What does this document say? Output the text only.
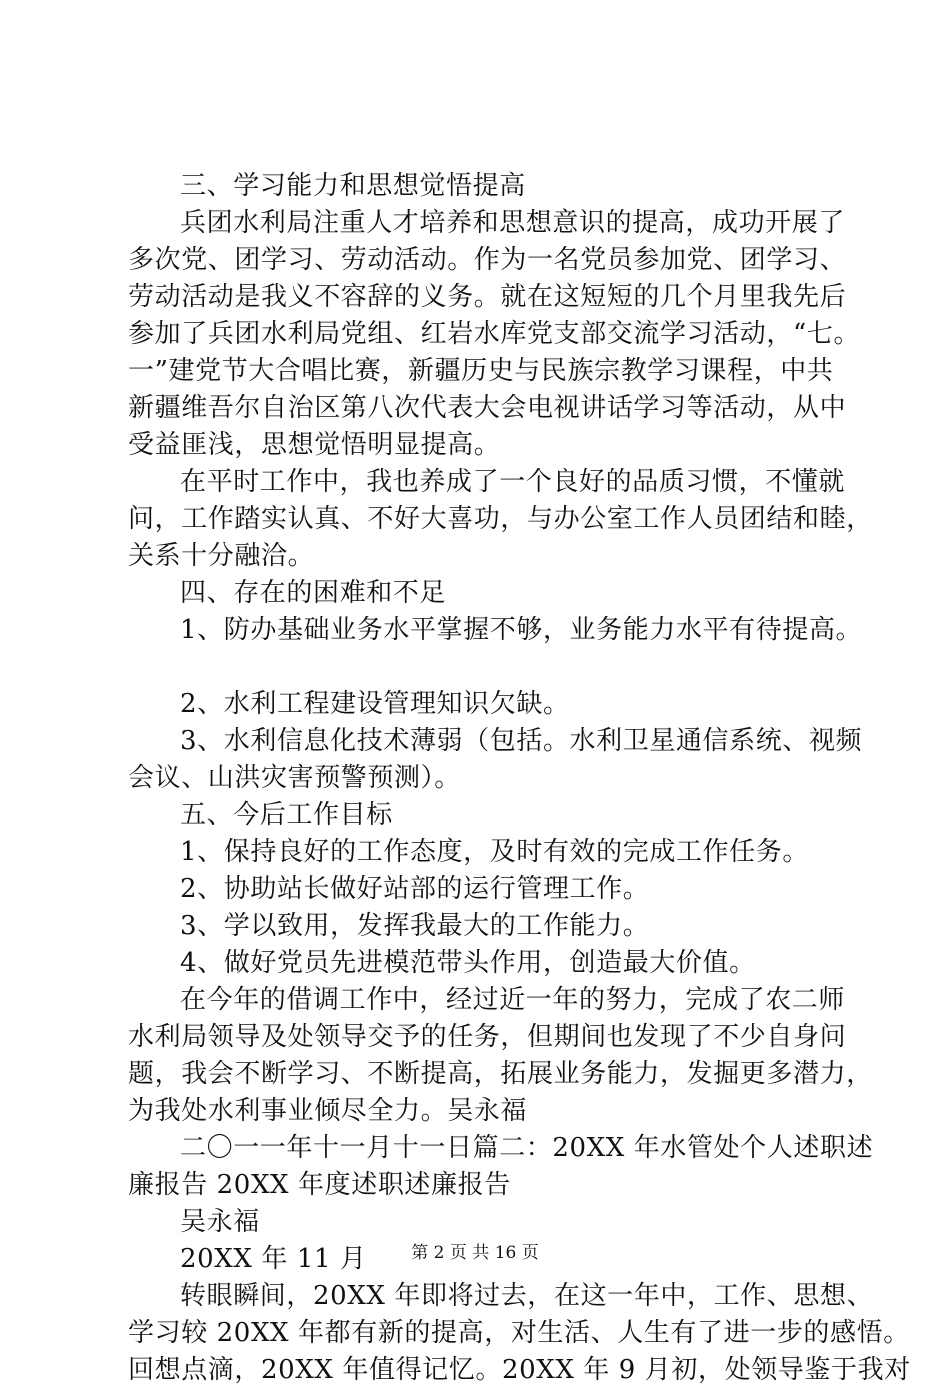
三、学习能力和思想觉悟提高
兵团水利局注重人才培养和思想意识的提高，成功开展了
多次党、团学习、劳动活动。作为一名党员参加党、团学习、
劳动活动是我义不容辞的义务。就在这短短的几个月里我先后
参加了兵团水利局党组、红岩水库党支部交流学习活动，“七。
一”建党节大合唱比赛，新疆历史与民族宗教学习课程，中共
新疆维吾尔自治区第八次代表大会电视讲话学习等活动，从中
受益匪浅，思想觉悟明显提高。
在平时工作中，我也养成了一个良好的品质习惯，不懂就
问，工作踏实认真、不好大喜功，与办公室工作人员团结和睦，
关系十分融洽。
四、存在的困难和不足
1、防办基础业务水平掌握不够，业务能力水平有待提高。
2、水利工程建设管理知识欠缺。
3、水利信息化技术薄弱（包括。水利卫星通信系统、视频
会议、山洪灾害预警预测）。
五、今后工作目标
1、保持良好的工作态度，及时有效的完成工作任务。
2、协助站长做好站部的运行管理工作。
3、学以致用，发挥我最大的工作能力。
4、做好党员先进模范带头作用，创造最大价值。
在今年的借调工作中，经过近一年的努力，完成了农二师
水利局领导及处领导交予的任务，但期间也发现了不少自身问
题，我会不断学习、不断提高，拓展业务能力，发掘更多潜力，
为我处水利事业倾尽全力。吴永福
二〇一一年十一月十一日篇二：20XX 年水管处个人述职述
廉报告 20XX 年度述职述廉报告
吴永福
20XX 年 11 月
转眼瞬间，20XX 年即将过去，在这一年中，工作、思想、
学习较 20XX 年都有新的提高，对生活、人生有了进一步的感悟。
回想点滴，20XX 年值得记忆。20XX 年 9 月初，处领导鉴于我对
第 2 页 共 16 页
